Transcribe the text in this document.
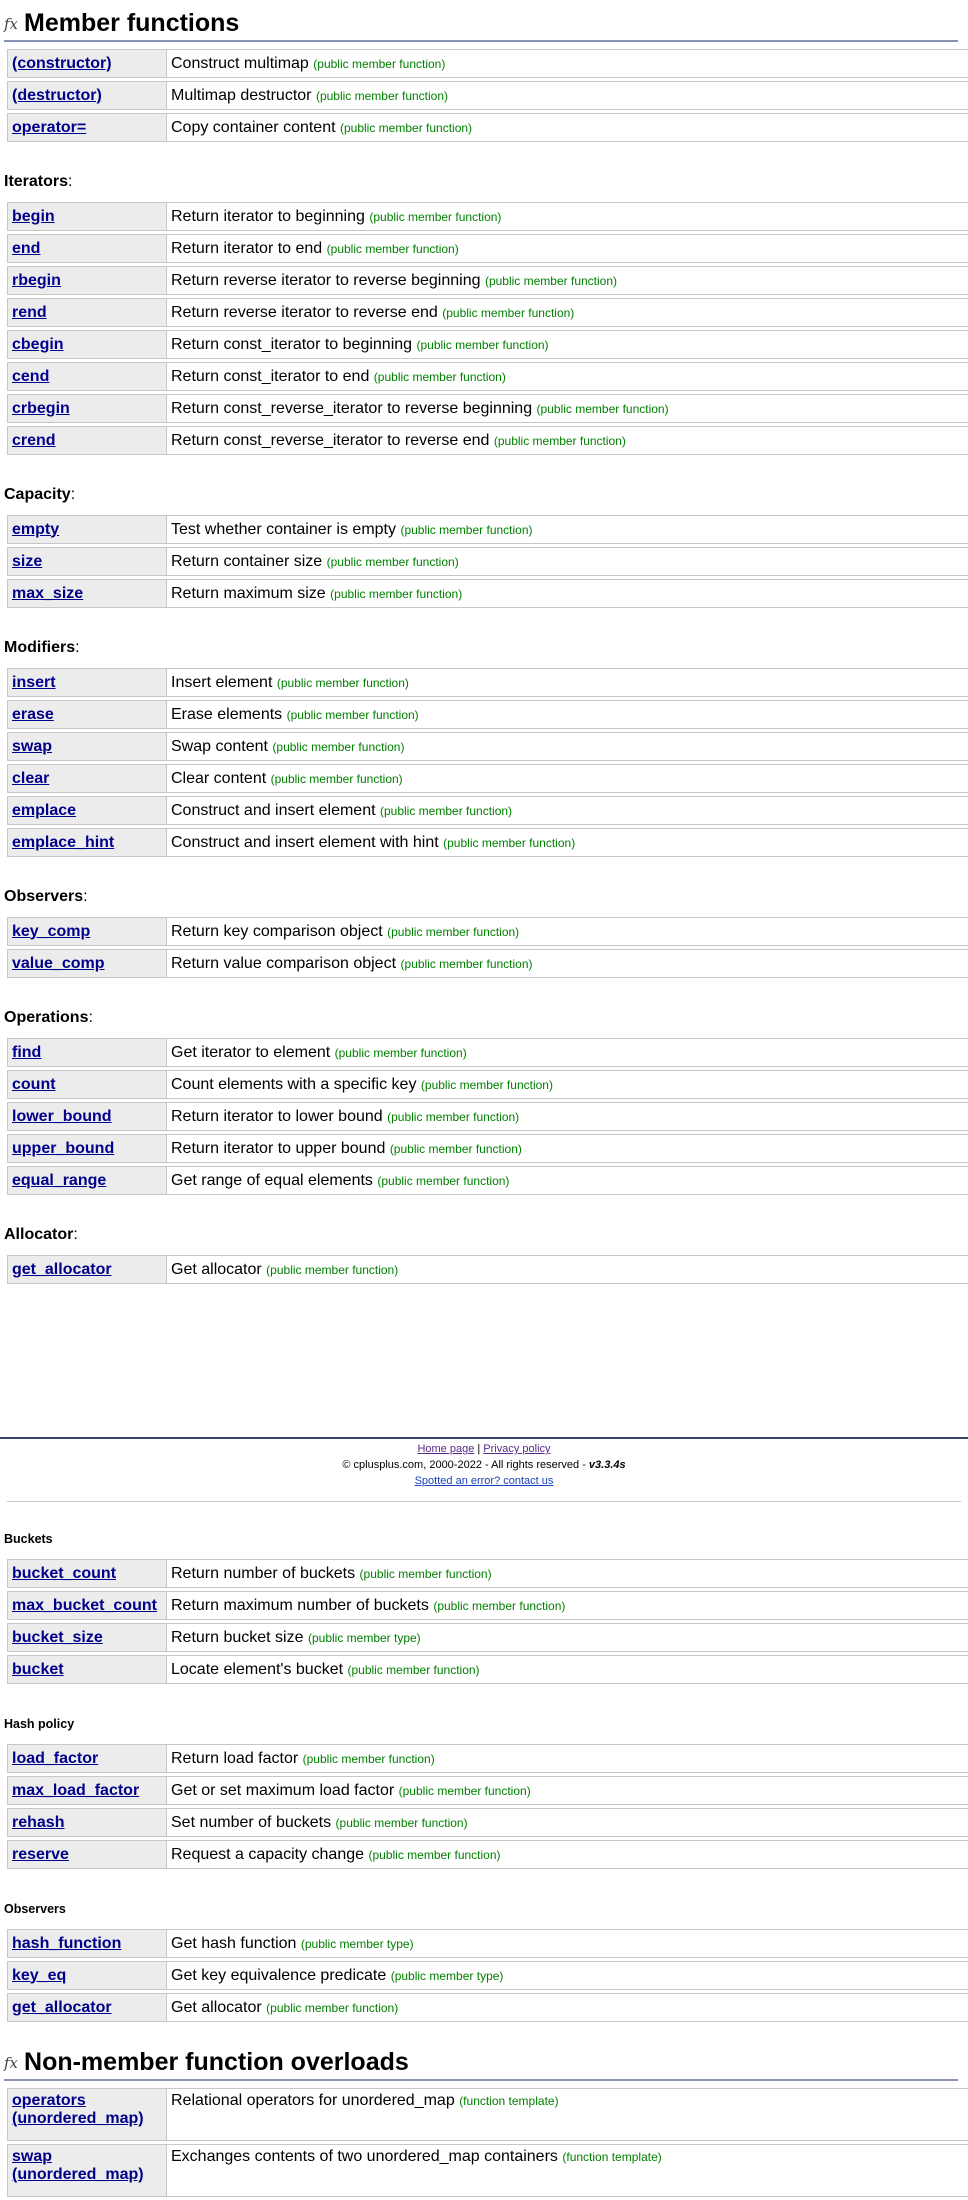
fx Member functions
(constructor)	Construct multimap (public member function)
(destructor)	Multimap destructor (public member function)
operator=	Copy container content (public member function)
Iterators:
begin	Return iterator to beginning (public member function)
end	Return iterator to end (public member function)
rbegin	Return reverse iterator to reverse beginning (public member function)
rend	Return reverse iterator to reverse end (public member function)
cbegin	Return const_iterator to beginning (public member function)
cend	Return const_iterator to end (public member function)
crbegin	Return const_reverse_iterator to reverse beginning (public member function)
crend	Return const_reverse_iterator to reverse end (public member function)
Capacity:
empty	Test whether container is empty (public member function)
size	Return container size (public member function)
max_size	Return maximum size (public member function)
Modifiers:
insert	Insert element (public member function)
erase	Erase elements (public member function)
swap	Swap content (public member function)
clear	Clear content (public member function)
emplace	Construct and insert element (public member function)
emplace_hint	Construct and insert element with hint (public member function)
Observers:
key_comp	Return key comparison object (public member function)
value_comp	Return value comparison object (public member function)
Operations:
find	Get iterator to element (public member function)
count	Count elements with a specific key (public member function)
lower_bound	Return iterator to lower bound (public member function)
upper_bound	Return iterator to upper bound (public member function)
equal_range	Get range of equal elements (public member function)
Allocator:
get_allocator	Get allocator (public member function)
Home page | Privacy policy
© cplusplus.com, 2000-2022 - All rights reserved - v3.3.4s
Spotted an error? contact us
Buckets
bucket_count	Return number of buckets (public member function)
max_bucket_count	Return maximum number of buckets (public member function)
bucket_size	Return bucket size (public member type)
bucket	Locate element's bucket (public member function)
Hash policy
load_factor	Return load factor (public member function)
max_load_factor	Get or set maximum load factor (public member function)
rehash	Set number of buckets (public member function)
reserve	Request a capacity change (public member function)
Observers
hash_function	Get hash function (public member type)
key_eq	Get key equivalence predicate (public member type)
get_allocator	Get allocator (public member function)
fx Non-member function overloads
operators
(unordered_map)	Relational operators for unordered_map (function template)
swap
(unordered_map)	Exchanges contents of two unordered_map containers (function template)
